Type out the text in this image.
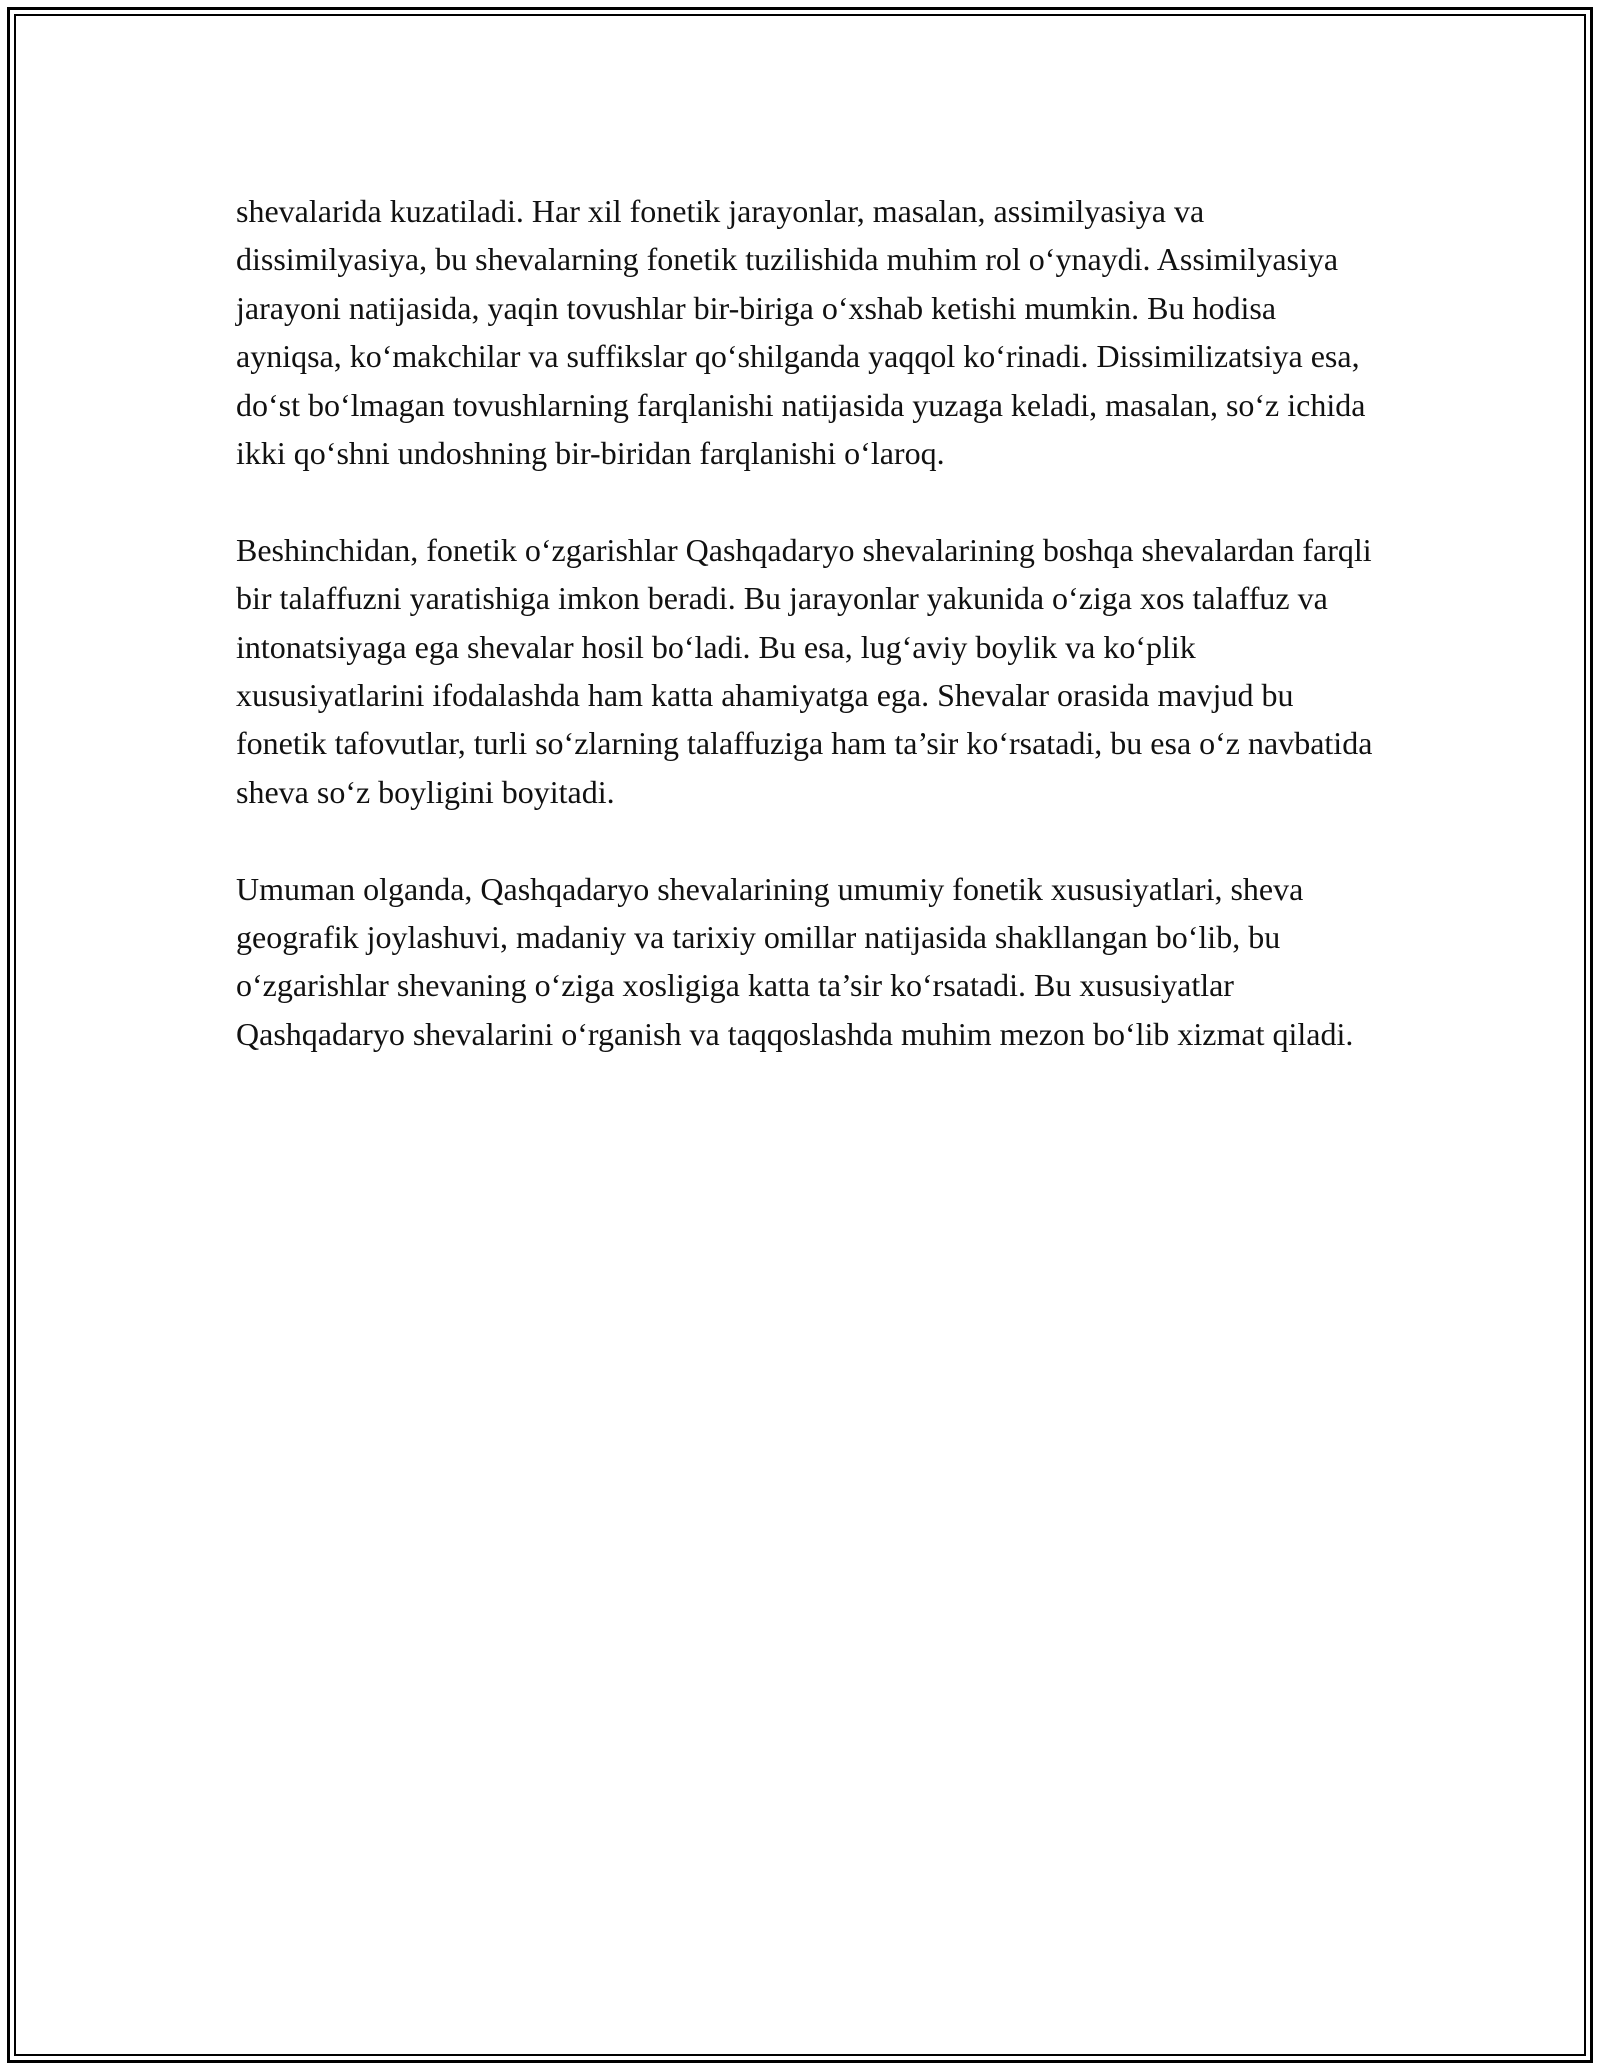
shevalarida kuzatiladi. Har xil fonetik jarayonlar, masalan, assimilyasiya va dissimilyasiya, bu shevalarning fonetik tuzilishida muhim rol o‘ynaydi. Assimilyasiya jarayoni natijasida, yaqin tovushlar bir-biriga o‘xshab ketishi mumkin. Bu hodisa ayniqsa, ko‘makchilar va suffikslar qo‘shilganda yaqqol ko‘rinadi. Dissimilizatsiya esa, do‘st bo‘lmagan tovushlarning farqlanishi natijasida yuzaga keladi, masalan, so‘z ichida ikki qo‘shni undoshning bir-biridan farqlanishi o‘laroq.

Beshinchidan, fonetik o‘zgarishlar Qashqadaryo shevalarining boshqa shevalardan farqli bir talaffuzni yaratishiga imkon beradi. Bu jarayonlar yakunida o‘ziga xos talaffuz va intonatsiyaga ega shevalar hosil bo‘ladi. Bu esa, lug‘aviy boylik va ko‘plik xususiyatlarini ifodalashda ham katta ahamiyatga ega. Shevalar orasida mavjud bu fonetik tafovutlar, turli so‘zlarning talaffuziga ham ta’sir ko‘rsatadi, bu esa o‘z navbatida sheva so‘z boyligini boyitadi.

Umuman olganda, Qashqadaryo shevalarining umumiy fonetik xususiyatlari, sheva geografik joylashuvi, madaniy va tarixiy omillar natijasida shakllangan bo‘lib, bu o‘zgarishlar shevaning o‘ziga xosligiga katta ta’sir ko‘rsatadi. Bu xususiyatlar Qashqadaryo shevalarini o‘rganish va taqqoslashda muhim mezon bo‘lib xizmat qiladi.
